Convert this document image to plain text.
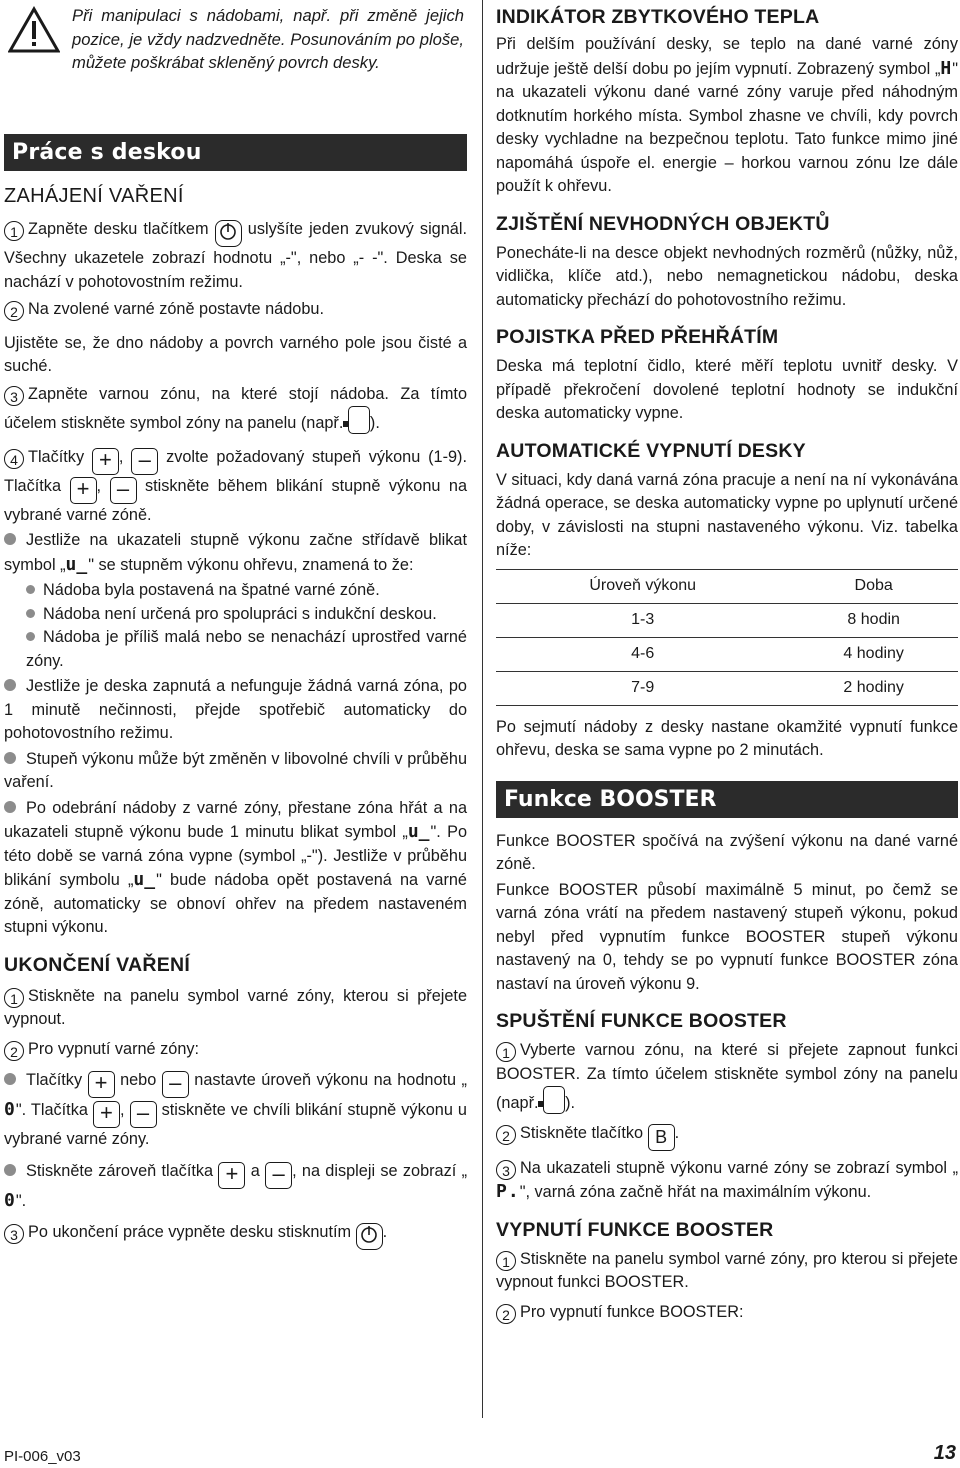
Při manipulaci s nádobami, např. při změně jejich pozice, je vždy nadzvedněte. Posunováním po ploše, můžete poškrábat skleněný povrch desky.
Práce s deskou
ZAHÁJENÍ VAŘENÍ

1 Zapněte desku tlačítkem uslyšíte jeden zvukový signál. Všechny ukazetele zobrazí hodnotu „-", nebo „- -". Deska se nachází v pohotovostním režimu.

2 Na zvolené varné zóně postavte nádobu.

Ujistěte se, že dno nádoby a povrch varného pole jsou čisté a suché.

3 Zapněte varnou zónu, na které stojí nádoba. Za tímto účelem stiskněte symbol zóny na panelu (např. ).

4 Tlačítky + , – zvolte požadovaný stupeň výkonu (1-9). Tlačítka + , – stiskněte během blikání stupně výkonu na vybrané varné zóně.

Jestliže na ukazateli stupně výkonu začne střídavě blikat symbol „u̲" se stupněm výkonu ohřevu, znamená to že:

Nádoba byla postavená na špatné varné zóně.

Nádoba není určená pro spolupráci s indukční deskou.

Nádoba je příliš malá nebo se nenachází uprostřed varné zóny.

Jestliže je deska zapnutá a nefunguje žádná varná zóna, po 1 minutě nečinnosti, přejde spotřebič automaticky do pohotovostního režimu.

Stupeň výkonu může být změněn v libovolné chvíli v průběhu vaření.

Po odebrání nádoby z varné zóny, přestane zóna hřát a na ukazateli stupně výkonu bude 1 minutu blikat symbol „u̲". Po této době se varná zóna vypne (symbol „-"). Jestliže v průběhu blikání symbolu „u̲" bude nádoba opět postavená na varné zóně, automaticky se obnoví ohřev na předem nastaveném stupni výkonu.

UKONČENÍ VAŘENÍ

1 Stiskněte na panelu symbol varné zóny, kterou si přejete vypnout.

2 Pro vypnutí varné zóny:

Tlačítky + nebo – nastavte úroveň výkonu na hodnotu „0". Tlačítka + , – stiskněte ve chvíli blikání stupně výkonu u vybrané varné zóny.

Stiskněte zároveň tlačítka + a – , na displeji se zobrazí „0".

3 Po ukončení práce vypněte desku stisknutím .

INDIKÁTOR ZBYTKOVÉHO TEPLA

Při delším používání desky, se teplo na dané varné zóny udržuje ještě delší dobu po jejím vypnutí. Zobrazený symbol „H" na ukazateli výkonu dané varné zóny varuje před náhodným dotknutím horkého místa. Symbol zhasne ve chvíli, kdy povrch desky vychladne na bezpečnou teplotu. Tato funkce mimo jiné napomáhá úspoře el. energie – horkou varnou zónu lze dále použít k ohřevu.

ZJIŠTĚNÍ NEVHODNÝCH OBJEKTŮ

Ponecháte-li na desce objekt nevhodných rozměrů (nůžky, nůž, vidlička, klíče atd.), nebo nemagnetickou nádobu, deska automaticky přechází do pohotovostního režimu.

POJISTKA PŘED PŘEHŘÁTÍM

Deska má teplotní čidlo, které měří teplotu uvnitř desky. V případě překročení dovolené teplotní hodnoty se indukční deska automaticky vypne.

AUTOMATICKÉ VYPNUTÍ DESKY

V situaci, kdy daná varná zóna pracuje a není na ní vykonávána žádná operace, se deska automaticky vypne po uplynutí určené doby, v závislosti na stupni nastaveného výkonu. Viz. tabelka níže:

Úroveň výkonu	Doba
1-3	8 hodin
4-6	4 hodiny
7-9	2 hodiny

Po sejmutí nádoby z desky nastane okamžité vypnutí funkce ohřevu, deska se sama vypne po 2 minutách.

Funkce BOOSTER

Funkce BOOSTER spočívá na zvýšení výkonu na dané varné zóně.

Funkce BOOSTER působí maximálně 5 minut, po čemž se varná zóna vrátí na předem nastavený stupeň výkonu, pokud nebyl před vypnutím funkce BOOSTER stupeň výkonu nastavený na 0, tehdy se po vypnutí funkce BOOSTER zóna nastaví na úroveň výkonu 9.

SPUŠTĚNÍ FUNKCE BOOSTER

1 Vyberte varnou zónu, na které si přejete zapnout funkci BOOSTER. Za tímto účelem stiskněte symbol zóny na panelu (např. ).

2 Stiskněte tlačítko B .

3 Na ukazateli stupně výkonu varné zóny se zobrazí symbol „P.", varná zóna začně hřát na maximálním výkonu.

VYPNUTÍ FUNKCE BOOSTER

1 Stiskněte na panelu symbol varné zóny, pro kterou si přejete vypnout funkci BOOSTER.

2 Pro vypnutí funkce BOOSTER:

PI-006_v03	13
